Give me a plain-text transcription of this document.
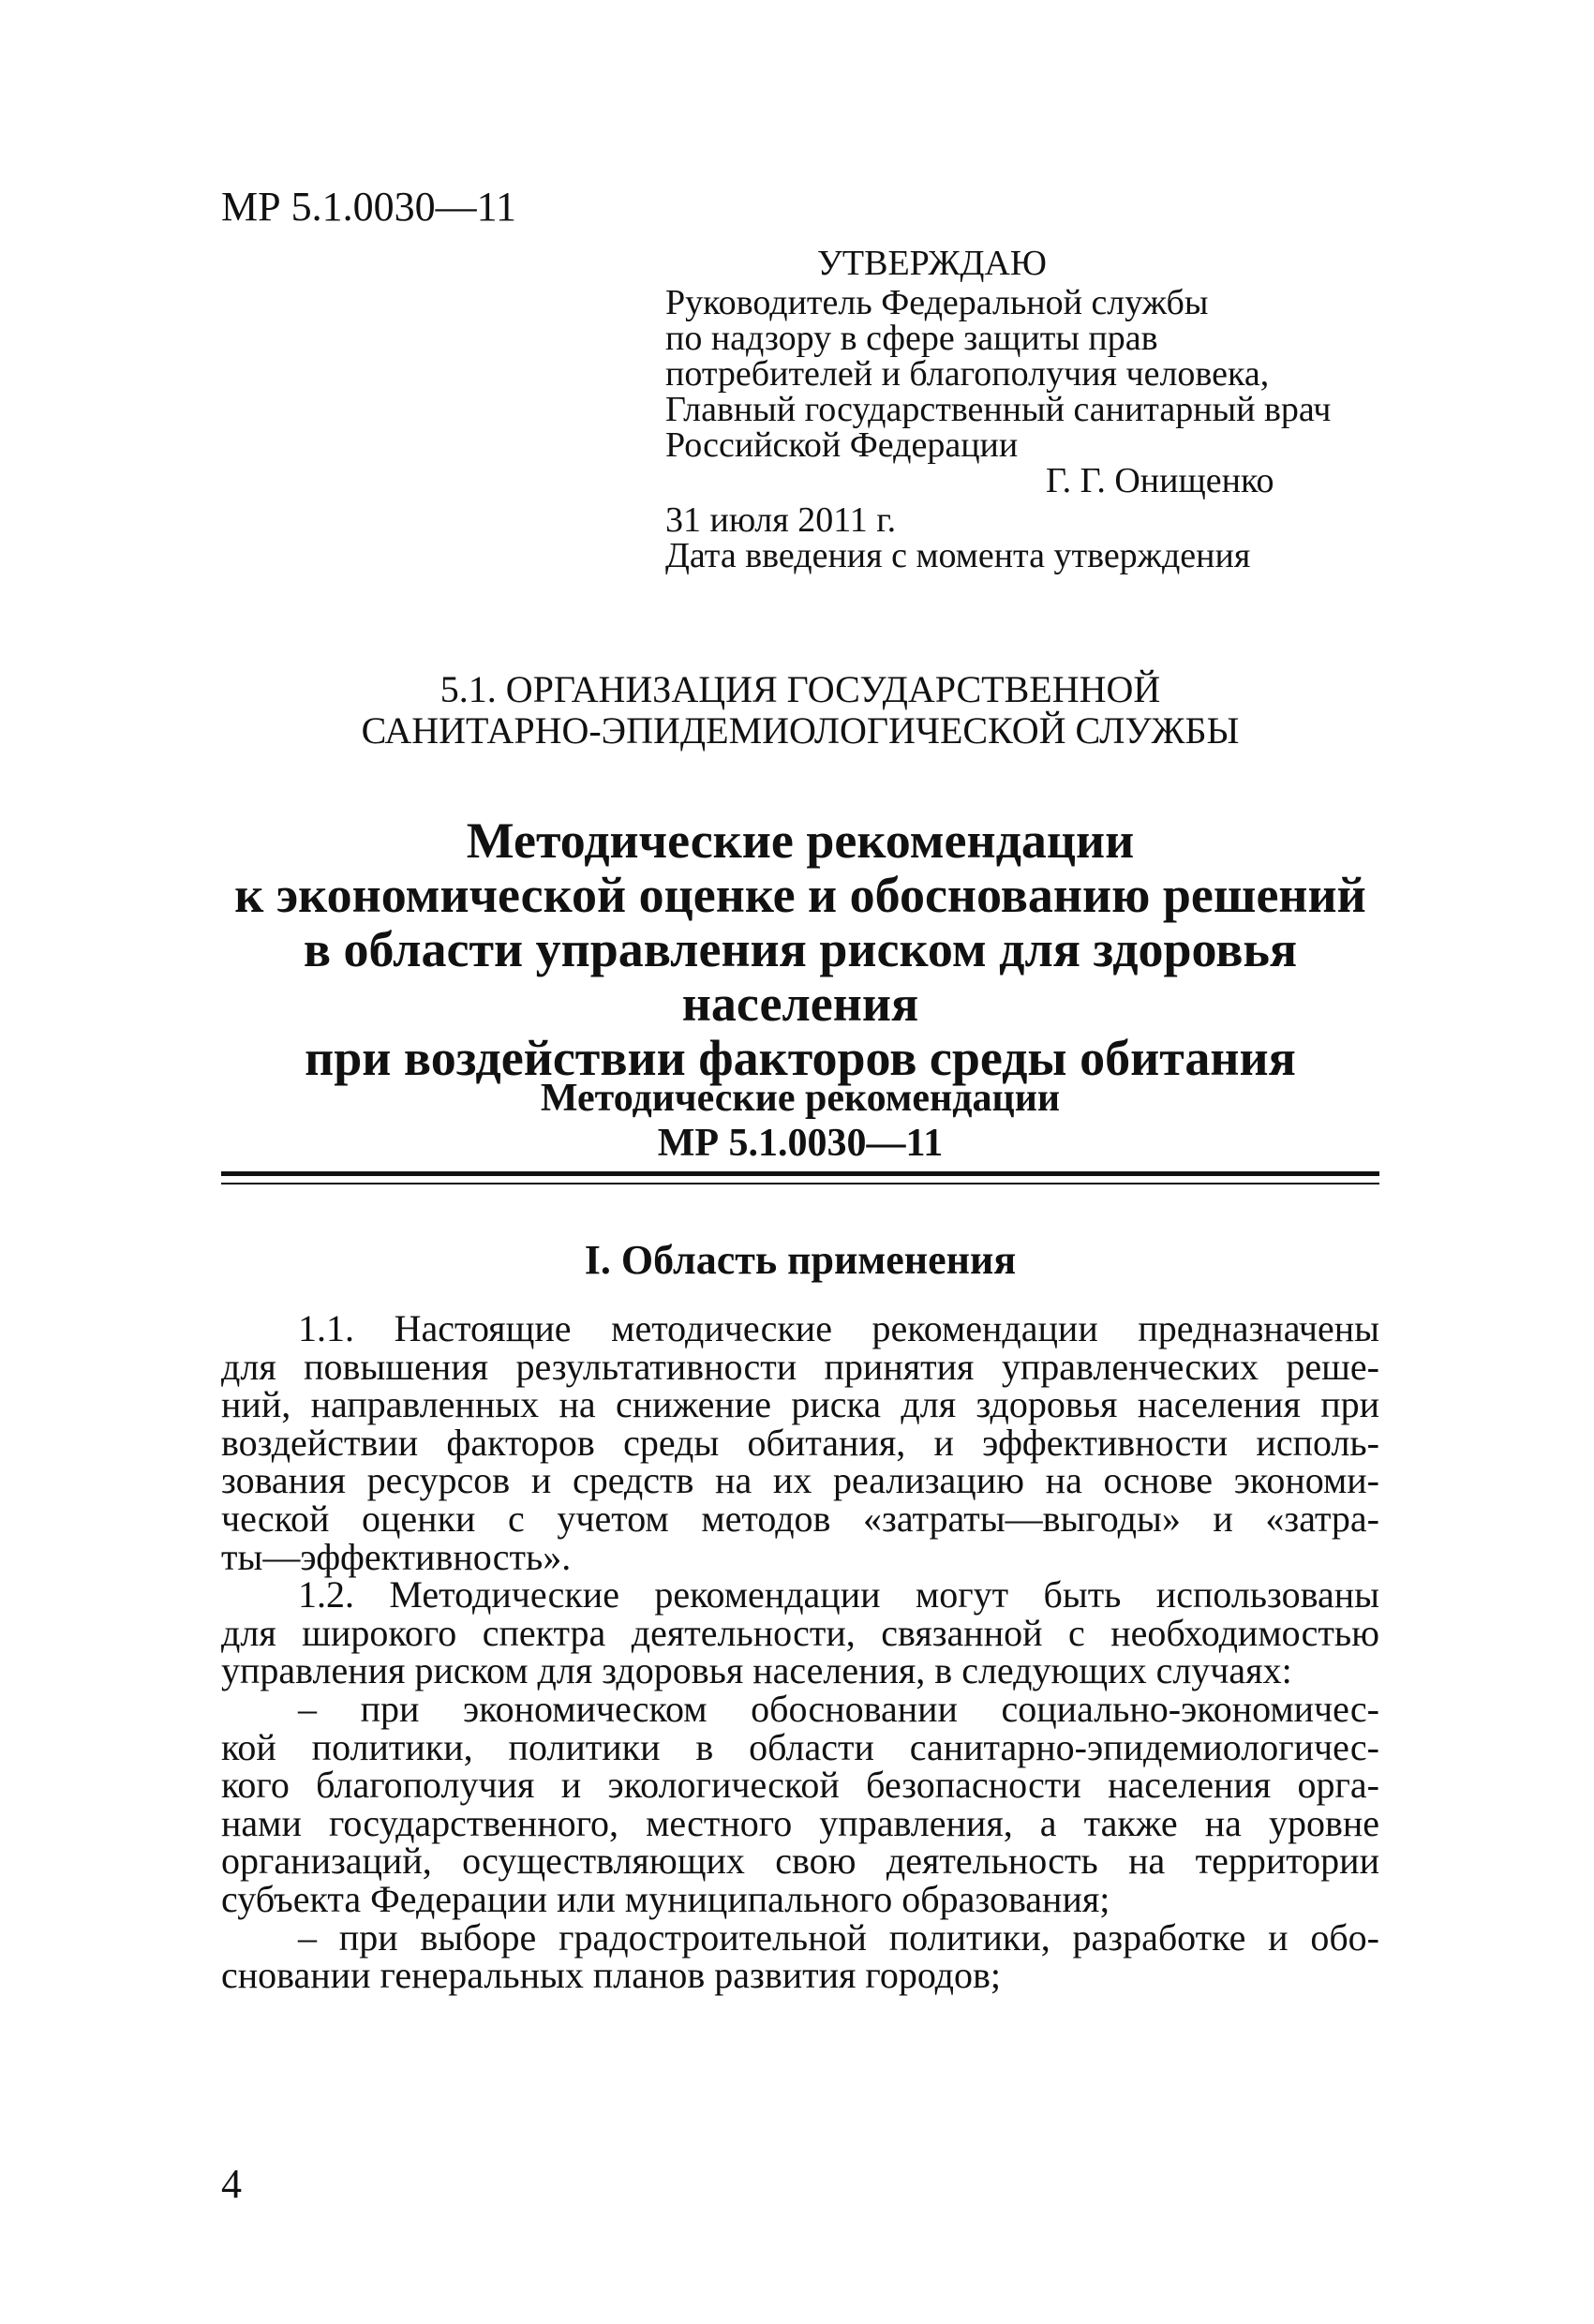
МР 5.1.0030—11
УТВЕРЖДАЮ
Руководитель Федеральной службы
по надзору в сфере защиты прав
потребителей и благополучия человека,
Главный государственный санитарный врач
Российской Федерации
Г. Г. Онищенко
31 июля 2011 г.
Дата введения с момента утверждения
5.1. ОРГАНИЗАЦИЯ ГОСУДАРСТВЕННОЙ
САНИТАРНО-ЭПИДЕМИОЛОГИЧЕСКОЙ СЛУЖБЫ
Методические рекомендации
к экономической оценке и обоснованию решений
в области управления риском для здоровья населения
при воздействии факторов среды обитания
Методические рекомендации
МР 5.1.0030—11
I. Область применения
1.1. Настоящие методические рекомендации предназначены
для повышения результативности принятия управленческих реше-
ний, направленных на снижение риска для здоровья населения при
воздействии факторов среды обитания, и эффективности исполь-
зования ресурсов и средств на их реализацию на основе экономи-
ческой оценки с учетом методов «затраты—выгоды» и «затра-
ты—эффективность».
1.2. Методические рекомендации могут быть использованы
для широкого спектра деятельности, связанной с необходимостью
управления риском для здоровья населения, в следующих случаях:
– при экономическом обосновании социально-экономичес-
кой политики, политики в области санитарно-эпидемиологичес-
кого благополучия и экологической безопасности населения орга-
нами государственного, местного управления, а также на уровне
организаций, осуществляющих свою деятельность на территории
субъекта Федерации или муниципального образования;
– при выборе градостроительной политики, разработке и обо-
сновании генеральных планов развития городов;
4
